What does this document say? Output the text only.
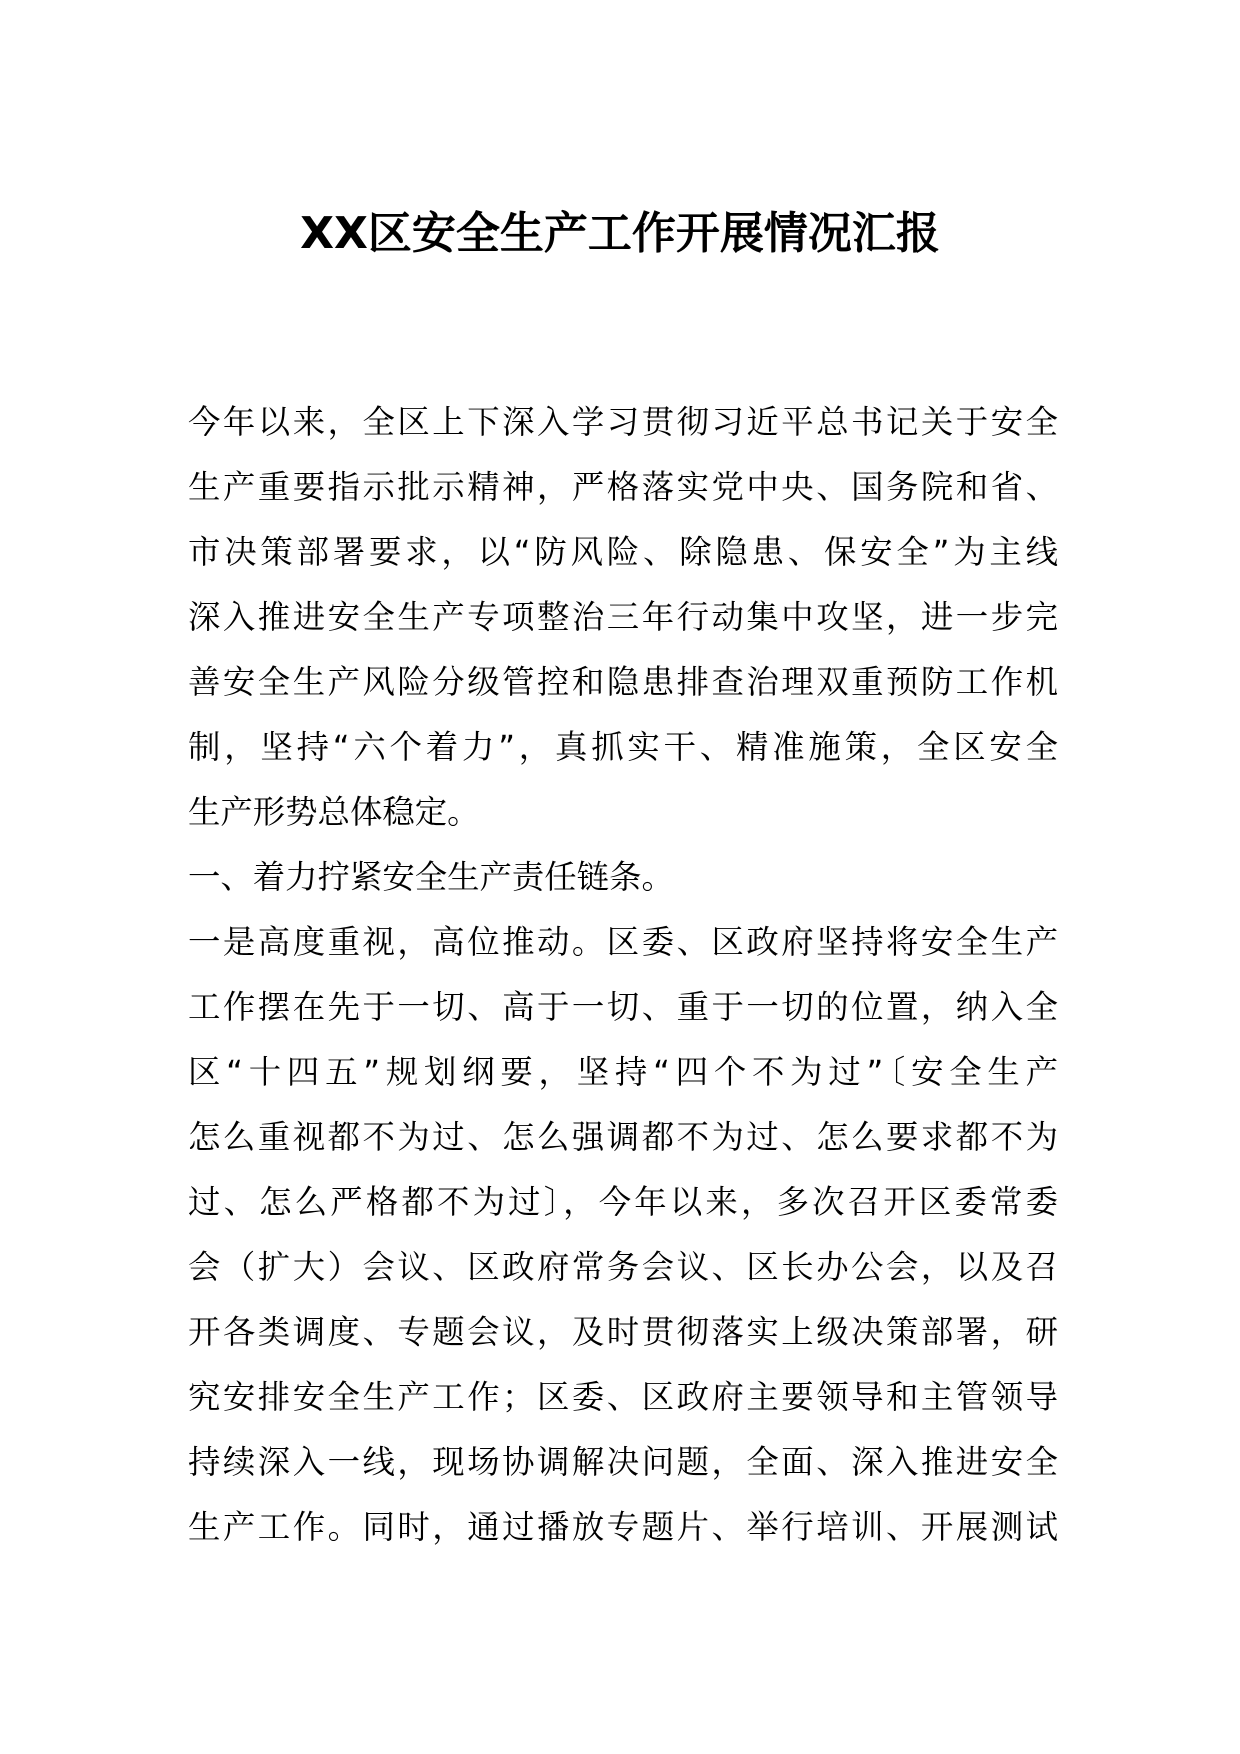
XX区安全生产工作开展情况汇报
今年以来，全区上下深入学习贯彻习近平总书记关于安全
生产重要指示批示精神，严格落实党中央、国务院和省、
市决策部署要求，以“防风险、除隐患、保安全”为主线
深入推进安全生产专项整治三年行动集中攻坚，进一步完
善安全生产风险分级管控和隐患排查治理双重预防工作机
制，坚持“六个着力”，真抓实干、精准施策，全区安全
生产形势总体稳定。
一、着力拧紧安全生产责任链条。
一是高度重视，高位推动。区委、区政府坚持将安全生产
工作摆在先于一切、高于一切、重于一切的位置，纳入全
区“十四五”规划纲要，坚持“四个不为过”〔安全生产
怎么重视都不为过、怎么强调都不为过、怎么要求都不为
过、怎么严格都不为过〕，今年以来，多次召开区委常委
会（扩大）会议、区政府常务会议、区长办公会，以及召
开各类调度、专题会议，及时贯彻落实上级决策部署，研
究安排安全生产工作；区委、区政府主要领导和主管领导
持续深入一线，现场协调解决问题，全面、深入推进安全
生产工作。同时，通过播放专题片、举行培训、开展测试
